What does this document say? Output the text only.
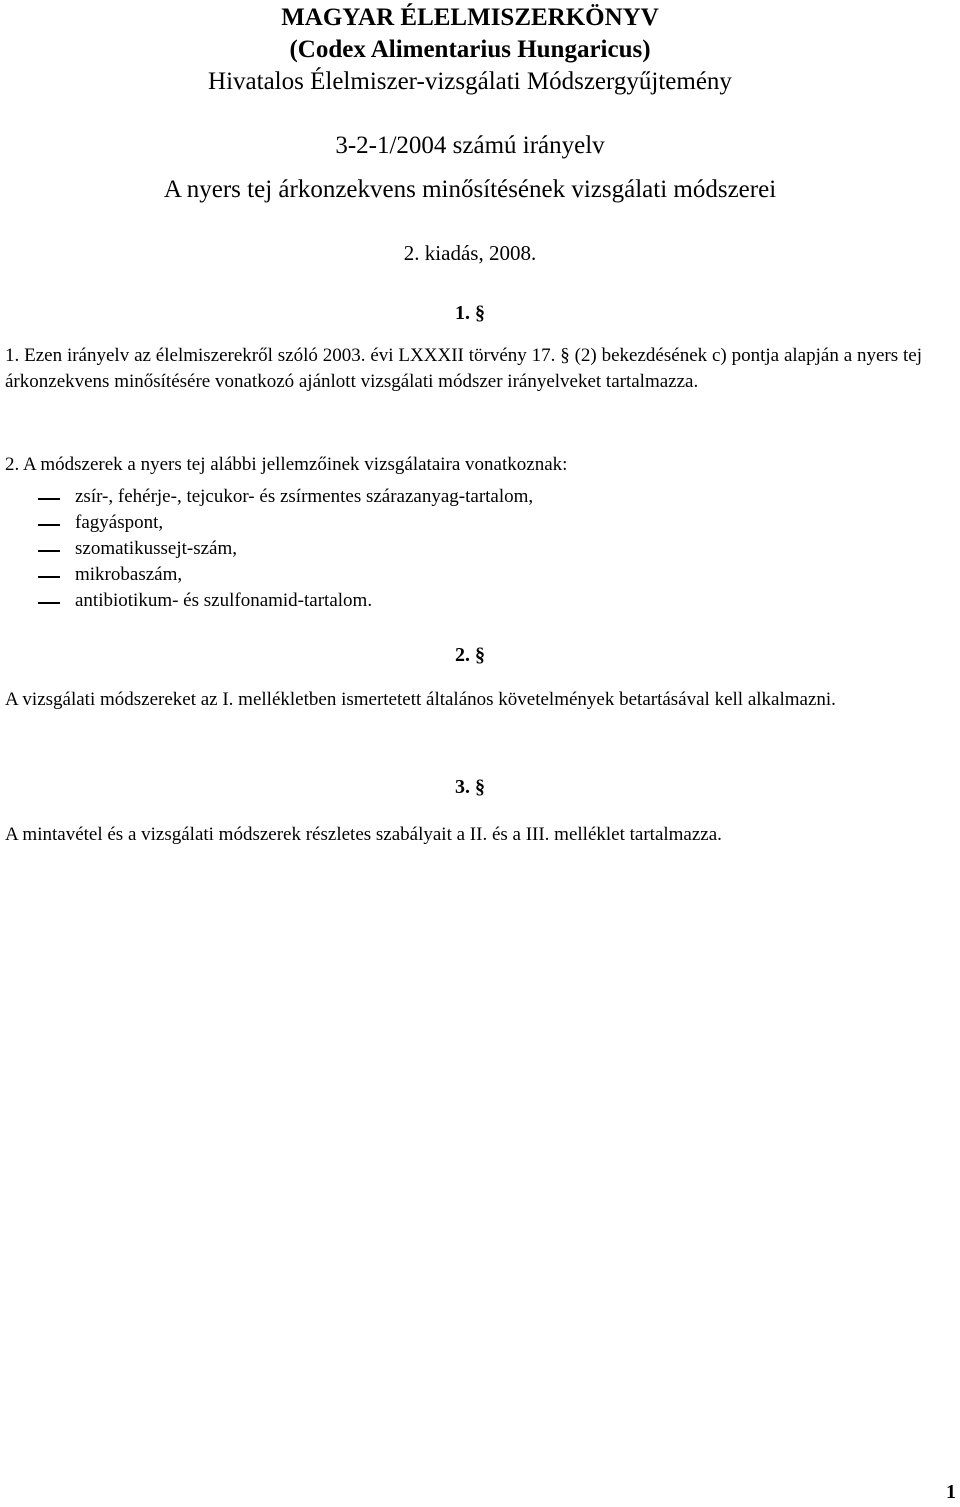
MAGYAR ÉLELMISZERKÖNYV
(Codex Alimentarius Hungaricus)
Hivatalos Élelmiszer-vizsgálati Módszergyűjtemény
3-2-1/2004 számú irányelv
A nyers tej árkonzekvens minősítésének vizsgálati módszerei
2. kiadás, 2008.
1. §
1. Ezen irányelv az élelmiszerekről szóló 2003. évi LXXXII törvény 17. § (2) bekezdésének c) pontja alapján a nyers tej árkonzekvens minősítésére vonatkozó ajánlott vizsgálati módszer irányelveket tartalmazza.
2. A módszerek a nyers tej alábbi jellemzőinek vizsgálataira vonatkoznak:
zsír-, fehérje-, tejcukor- és zsírmentes szárazanyag-tartalom,
fagyáspont,
szomatikussejt-szám,
mikrobaszám,
antibiotikum- és szulfonamid-tartalom.
2. §
A vizsgálati módszereket az I. mellékletben ismertetett általános követelmények betartásával kell alkalmazni.
3. §
A mintavétel és a vizsgálati módszerek részletes szabályait a II. és a III. melléklet tartalmazza.
1
